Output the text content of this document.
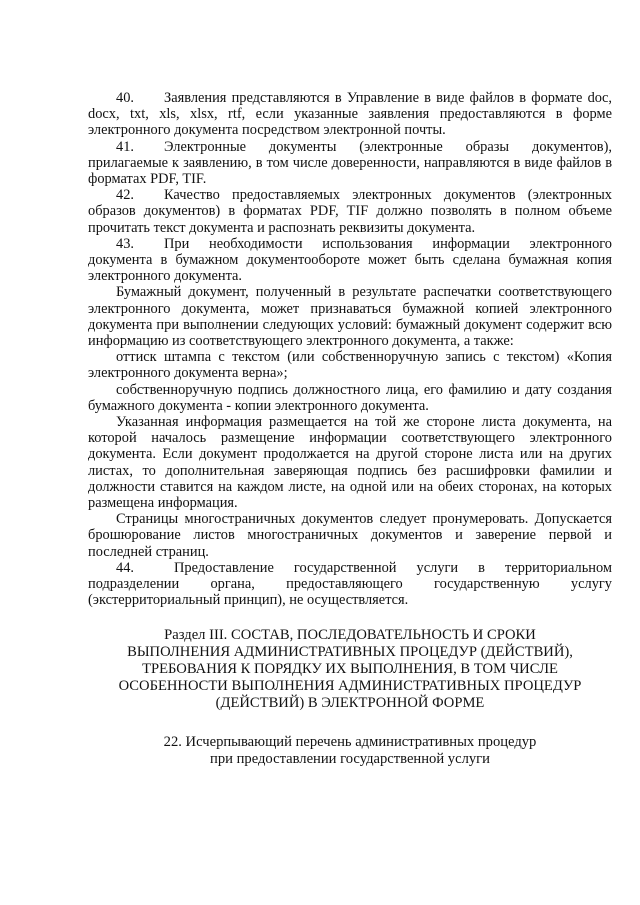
40. Заявления представляются в Управление в виде файлов в формате doc, docx, txt, xls, xlsx, rtf, если указанные заявления предоставляются в форме электронного документа посредством электронной почты.

41. Электронные документы (электронные образы документов), прилагаемые к заявлению, в том числе доверенности, направляются в виде файлов в форматах PDF, TIF.

42. Качество предоставляемых электронных документов (электронных образов документов) в форматах PDF, TIF должно позволять в полном объеме прочитать текст документа и распознать реквизиты документа.

43. При необходимости использования информации электронного документа в бумажном документообороте может быть сделана бумажная копия электронного документа.

Бумажный документ, полученный в результате распечатки соответствующего электронного документа, может признаваться бумажной копией электронного документа при выполнении следующих условий: бумажный документ содержит всю информацию из соответствующего электронного документа, а также:

оттиск штампа с текстом (или собственноручную запись с текстом) «Копия электронного документа верна»;

собственноручную подпись должностного лица, его фамилию и дату создания бумажного документа - копии электронного документа.

Указанная информация размещается на той же стороне листа документа, на которой началось размещение информации соответствующего электронного документа. Если документ продолжается на другой стороне листа или на других листах, то дополнительная заверяющая подпись без расшифровки фамилии и должности ставится на каждом листе, на одной или на обеих сторонах, на которых размещена информация.

Страницы многостраничных документов следует пронумеровать. Допускается брошюрование листов многостраничных документов и заверение первой и последней страниц.

44.	Предоставление государственной услуги в территориальном подразделении органа, предоставляющего государственную услугу (экстерриториальный принцип), не осуществляется.

Раздел III. СОСТАВ, ПОСЛЕДОВАТЕЛЬНОСТЬ И СРОКИ
ВЫПОЛНЕНИЯ АДМИНИСТРАТИВНЫХ ПРОЦЕДУР (ДЕЙСТВИЙ),
ТРЕБОВАНИЯ К ПОРЯДКУ ИХ ВЫПОЛНЕНИЯ, В ТОМ ЧИСЛЕ
ОСОБЕННОСТИ ВЫПОЛНЕНИЯ АДМИНИСТРАТИВНЫХ ПРОЦЕДУР
(ДЕЙСТВИЙ) В ЭЛЕКТРОННОЙ ФОРМЕ

22. Исчерпывающий перечень административных процедур
при предоставлении государственной услуги
